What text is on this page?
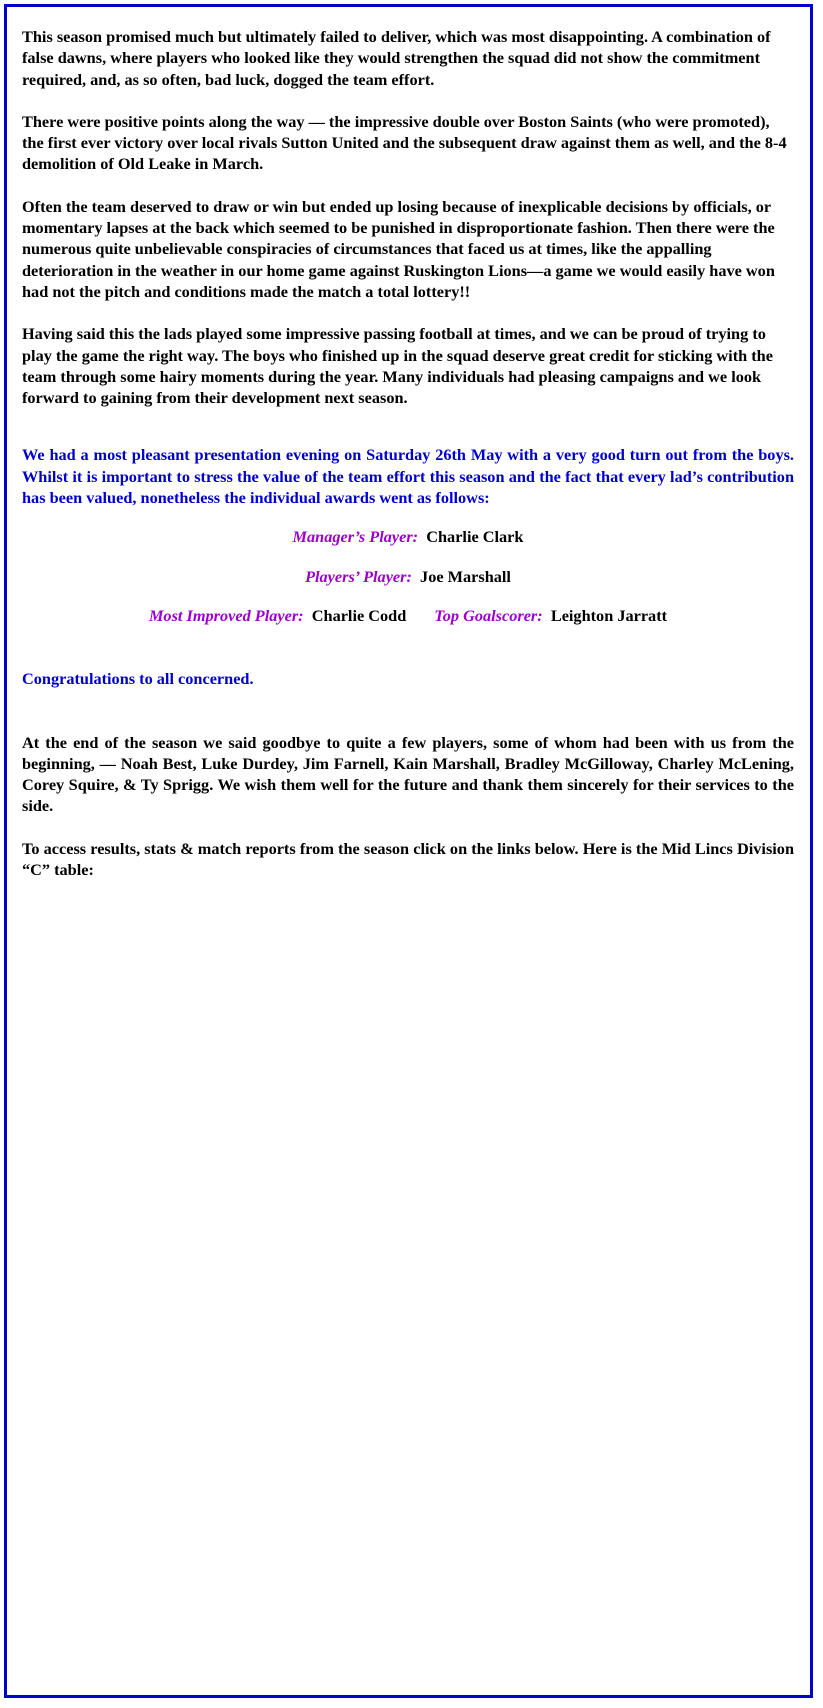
This season promised much but ultimately failed to deliver, which was most disappointing. A combination of false dawns, where players who looked like they would strengthen the squad did not show the commitment required, and, as so often, bad luck, dogged the team effort.

There were positive points along the way — the impressive double over Boston Saints (who were promoted), the first ever victory over local rivals Sutton United and the subsequent draw against them as well, and the 8-4 demolition of Old Leake in March.

Often the team deserved to draw or win but ended up losing because of inexplicable decisions by officials, or momentary lapses at the back which seemed to be punished in disproportionate fashion. Then there were the numerous quite unbelievable conspiracies of circumstances that faced us at times, like the appalling deterioration in the weather in our home game against Ruskington Lions—a game we would easily have won had not the pitch and conditions made the match a total lottery!!

Having said this the lads played some impressive passing football at times, and we can be proud of trying to play the game the right way. The boys who finished up in the squad deserve great credit for sticking with the team through some hairy moments during the year. Many individuals had pleasing campaigns and we look forward to gaining from their development next season.

We had a most pleasant presentation evening on Saturday 26th May with a very good turn out from the boys. Whilst it is important to stress the value of the team effort this season and the fact that every lad’s contribution has been valued, nonetheless the individual awards went as follows:

Manager’s Player: Charlie Clark

Players’ Player: Joe Marshall

Most Improved Player: Charlie Codd Top Goalscorer: Leighton Jarratt

Congratulations to all concerned.

At the end of the season we said goodbye to quite a few players, some of whom had been with us from the beginning, — Noah Best, Luke Durdey, Jim Farnell, Kain Marshall, Bradley McGilloway, Charley McLening, Corey Squire, & Ty Sprigg. We wish them well for the future and thank them sincerely for their services to the side.

To access results, stats & match reports from the season click on the links below. Here is the Mid Lincs Division “C” table:
